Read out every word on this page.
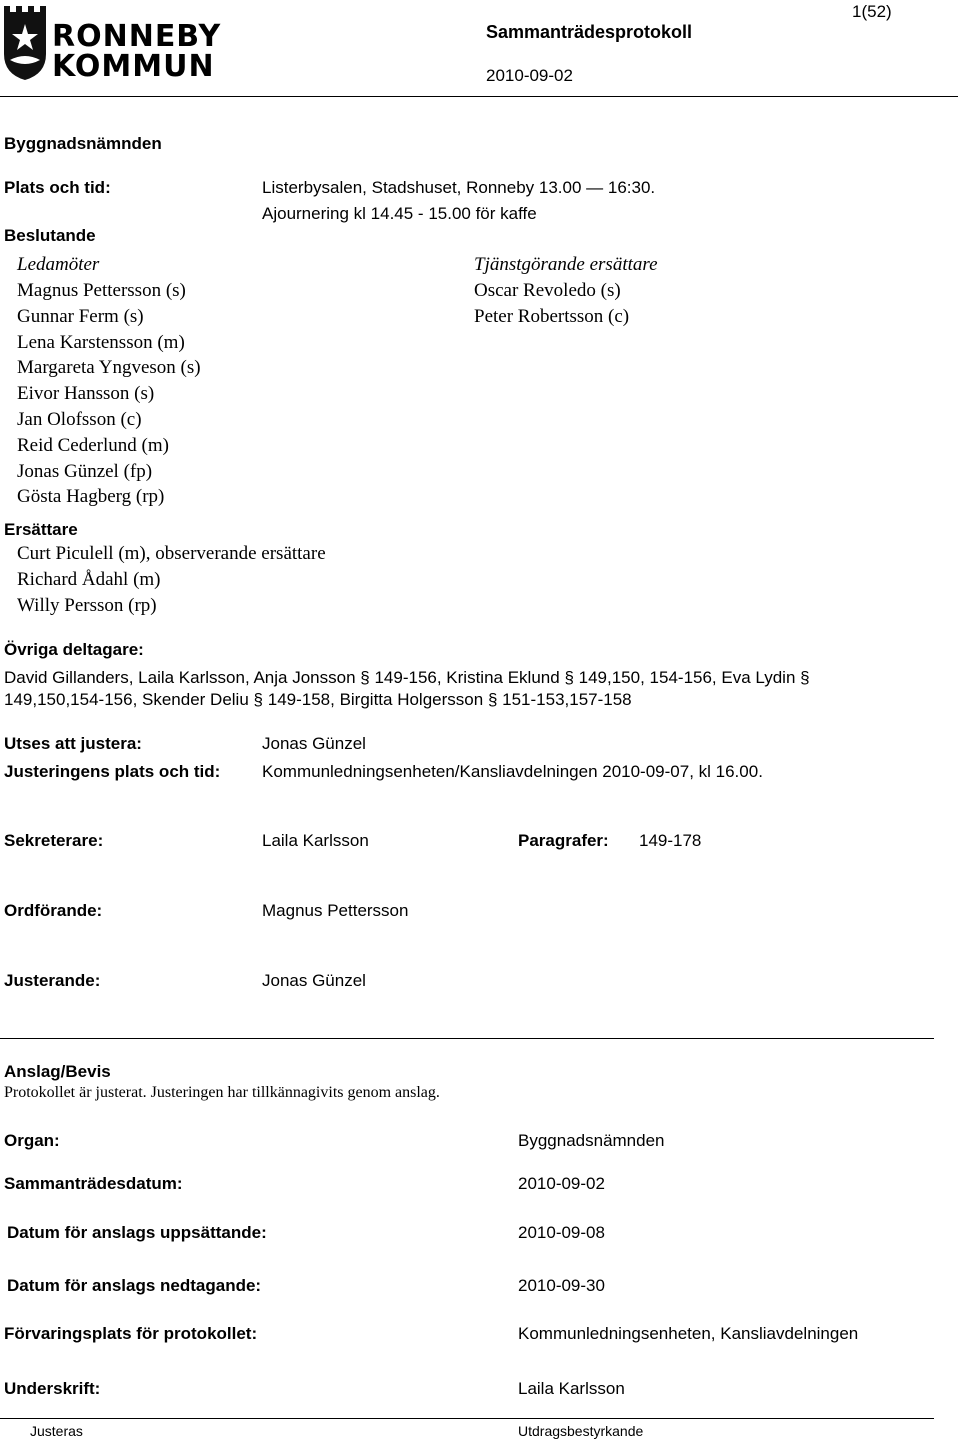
RONNEBY
KOMMUN
1(52)
Sammanträdesprotokoll
2010-09-02
Byggnadsnämnden
Plats och tid:	Listerbysalen, Stadshuset, Ronneby 13.00 — 16:30.
Ajournering kl 14.45 - 15.00 för kaffe
Beslutande
Ledamöter
Magnus Pettersson (s)
Gunnar Ferm (s)
Lena Karstensson (m)
Margareta Yngveson (s)
Eivor Hansson (s)
Jan Olofsson (c)
Reid Cederlund (m)
Jonas Günzel (fp)
Gösta Hagberg (rp)
Tjänstgörande ersättare
Oscar Revoledo (s)
Peter Robertsson (c)
Ersättare
Curt Piculell (m), observerande ersättare
Richard Ådahl (m)
Willy Persson (rp)
Övriga deltagare:
David Gillanders, Laila Karlsson, Anja Jonsson § 149-156, Kristina Eklund § 149,150, 154-156, Eva Lydin §
149,150,154-156, Skender Deliu § 149-158, Birgitta Holgersson § 151-153,157-158
Utses att justera:	Jonas Günzel
Justeringens plats och tid: Kommunledningsenheten/Kansliavdelningen 2010-09-07, kl 16.00.
Sekreterare:	Laila Karlsson	Paragrafer: 149-178
Ordförande:	Magnus Pettersson
Justerande:	Jonas Günzel
Anslag/Bevis
Protokollet är justerat. Justeringen har tillkännagivits genom anslag.
Organ:	Byggnadsnämnden
Sammanträdesdatum:	2010-09-02
Datum för anslags uppsättande:	2010-09-08
Datum för anslags nedtagande:	2010-09-30
Förvaringsplats för protokollet:	Kommunledningsenheten, Kansliavdelningen
Underskrift:	Laila Karlsson
Justeras	Utdragsbestyrkande
